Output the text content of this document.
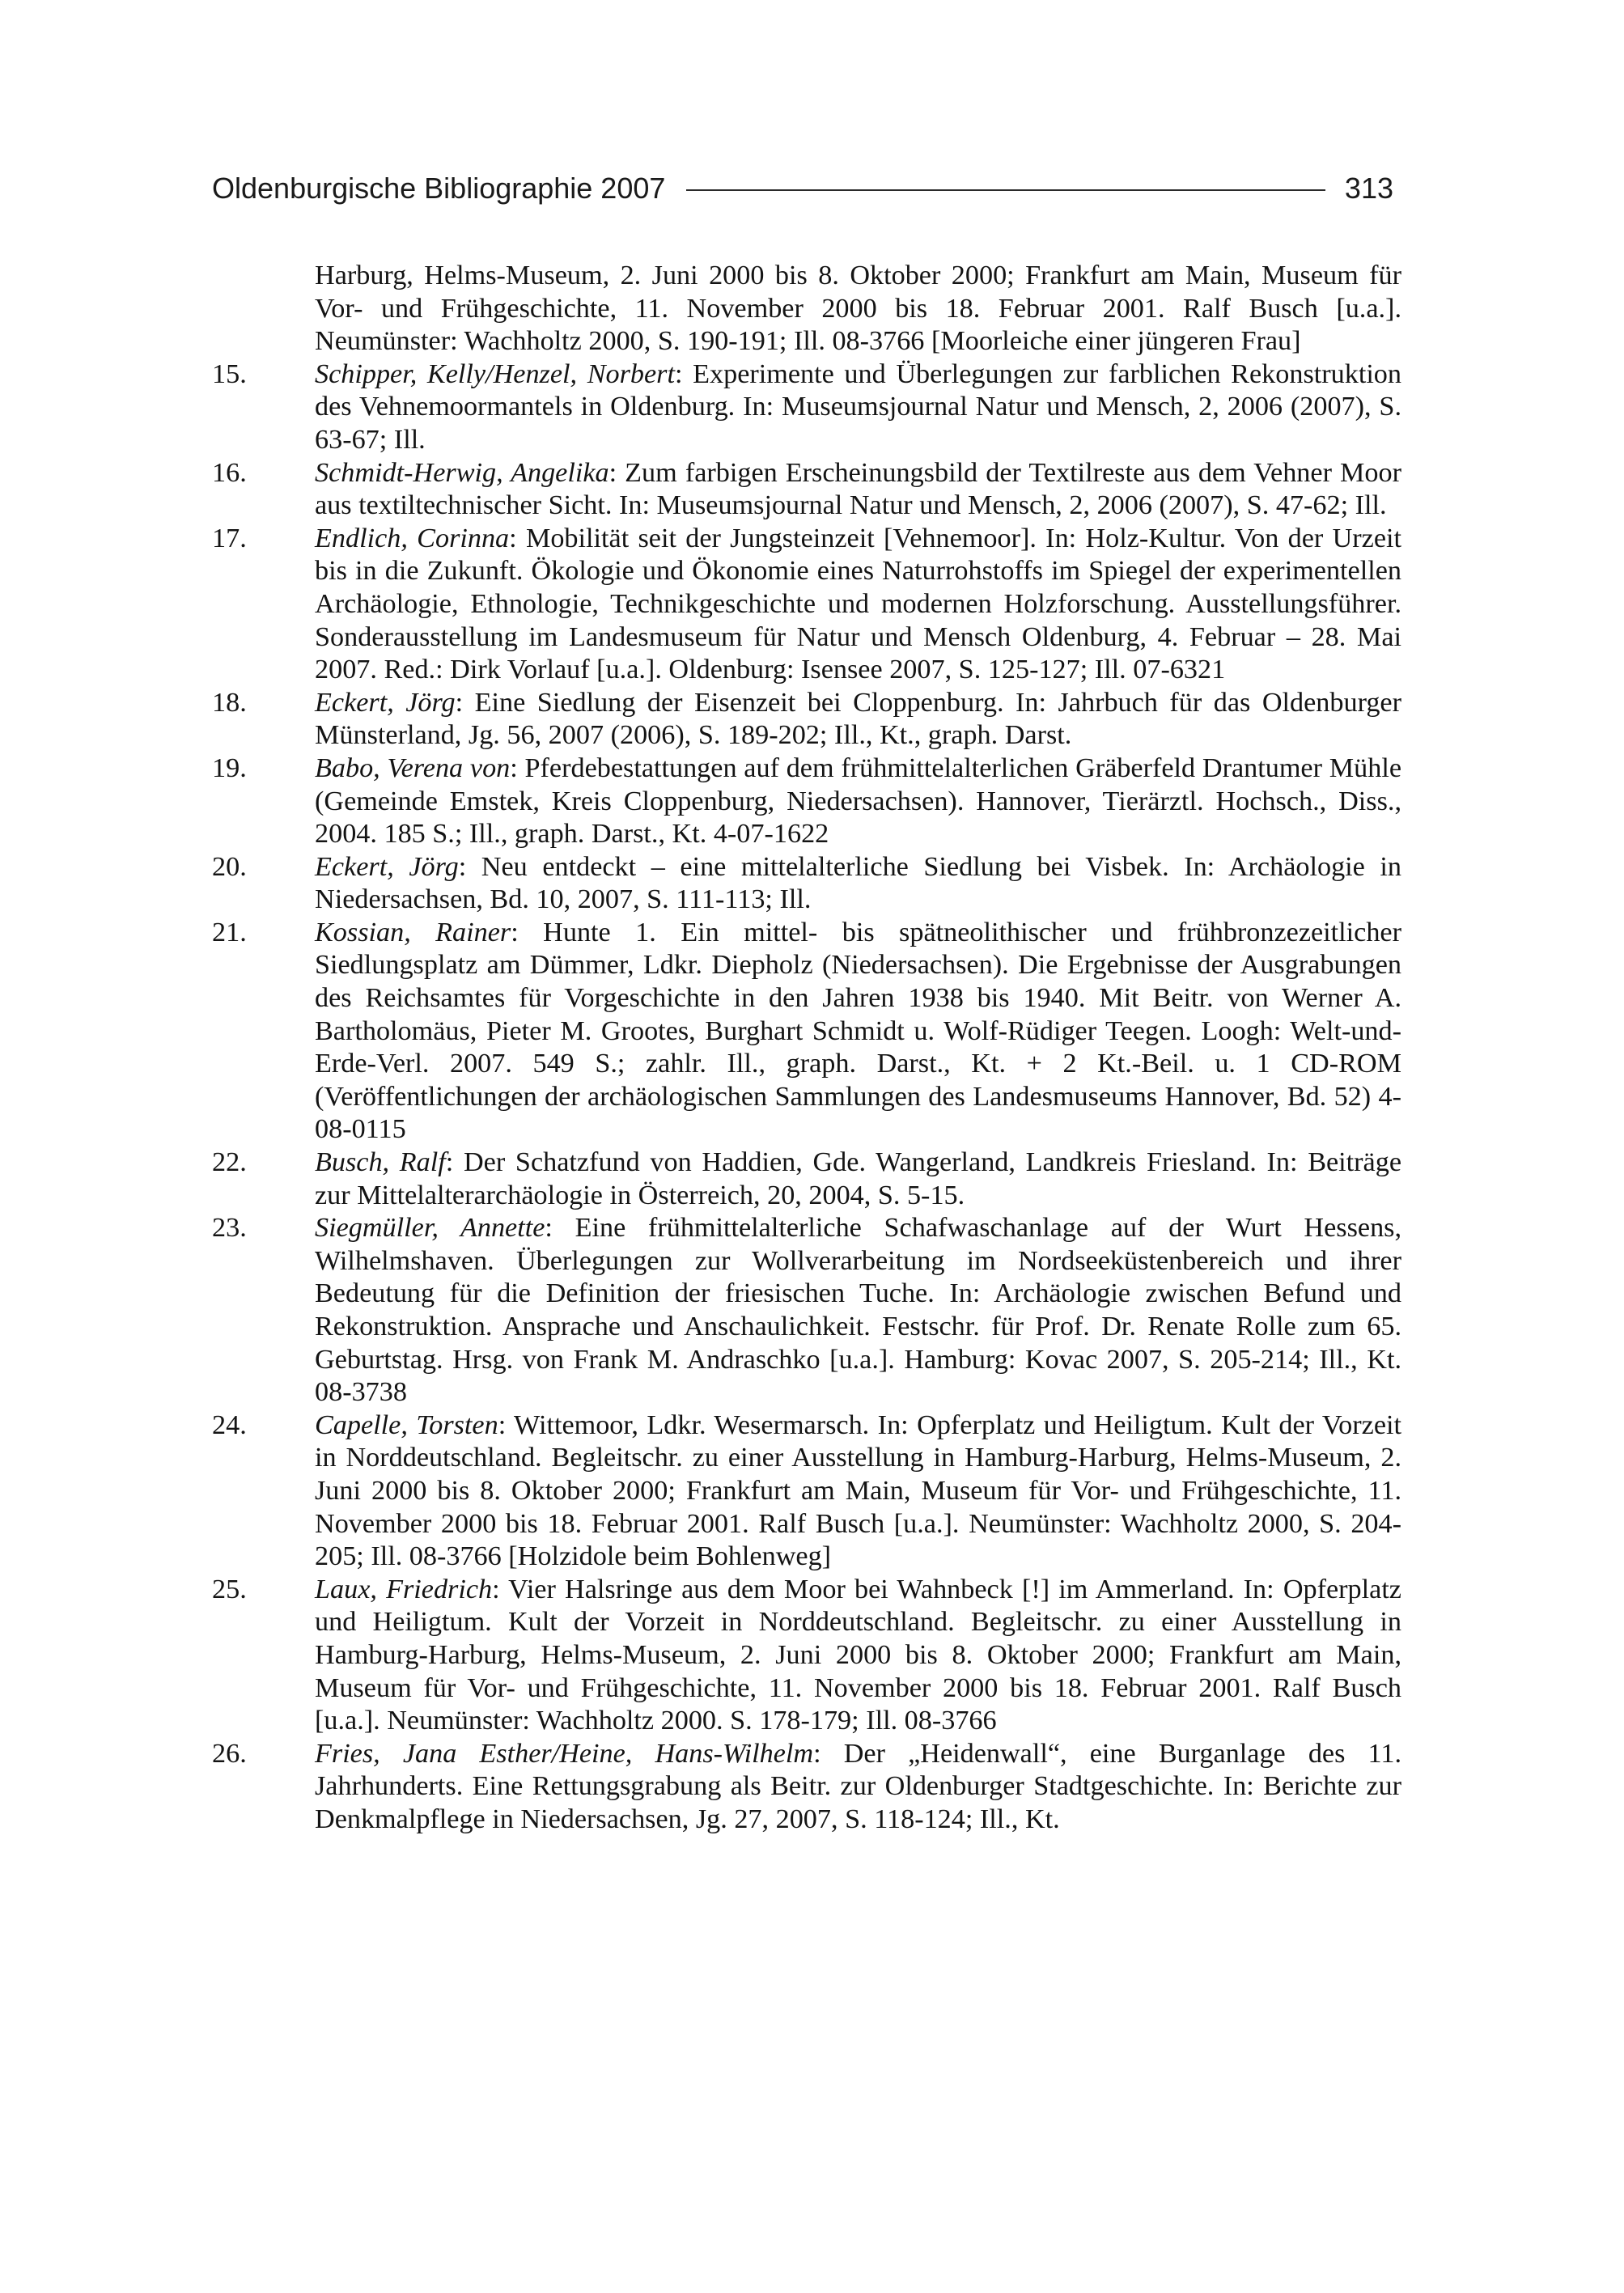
Oldenburgische Bibliographie 2007	313
Harburg, Helms-Museum, 2. Juni 2000 bis 8. Oktober 2000; Frankfurt am Main, Museum für Vor- und Frühgeschichte, 11. November 2000 bis 18. Februar 2001. Ralf Busch [u.a.]. Neumünster: Wachholtz 2000, S. 190-191; Ill. 08-3766 [Moorleiche einer jüngeren Frau]
15. Schipper, Kelly/Henzel, Norbert: Experimente und Überlegungen zur farblichen Rekonstruktion des Vehnemoormantels in Oldenburg. In: Museumsjournal Natur und Mensch, 2, 2006 (2007), S. 63-67; Ill.
16. Schmidt-Herwig, Angelika: Zum farbigen Erscheinungsbild der Textilreste aus dem Vehner Moor aus textiltechnischer Sicht. In: Museumsjournal Natur und Mensch, 2, 2006 (2007), S. 47-62; Ill.
17. Endlich, Corinna: Mobilität seit der Jungsteinzeit [Vehnemoor]. In: Holz-Kultur. Von der Urzeit bis in die Zukunft. Ökologie und Ökonomie eines Naturrohstoffs im Spiegel der experimentellen Archäologie, Ethnologie, Technikgeschichte und modernen Holzforschung. Ausstellungsführer. Sonderausstellung im Landesmuseum für Natur und Mensch Oldenburg, 4. Februar – 28. Mai 2007. Red.: Dirk Vorlauf [u.a.]. Oldenburg: Isensee 2007, S. 125-127; Ill. 07-6321
18. Eckert, Jörg: Eine Siedlung der Eisenzeit bei Cloppenburg. In: Jahrbuch für das Oldenburger Münsterland, Jg. 56, 2007 (2006), S. 189-202; Ill., Kt., graph. Darst.
19. Babo, Verena von: Pferdebestattungen auf dem frühmittelalterlichen Gräberfeld Drantumer Mühle (Gemeinde Emstek, Kreis Cloppenburg, Niedersachsen). Hannover, Tierärztl. Hochsch., Diss., 2004. 185 S.; Ill., graph. Darst., Kt. 4-07-1622
20. Eckert, Jörg: Neu entdeckt – eine mittelalterliche Siedlung bei Visbek. In: Archäologie in Niedersachsen, Bd. 10, 2007, S. 111-113; Ill.
21. Kossian, Rainer: Hunte 1. Ein mittel- bis spätneolithischer und frühbronzezeitlicher Siedlungsplatz am Dümmer, Ldkr. Diepholz (Niedersachsen). Die Ergebnisse der Ausgrabungen des Reichsamtes für Vorgeschichte in den Jahren 1938 bis 1940. Mit Beitr. von Werner A. Bartholomäus, Pieter M. Grootes, Burghart Schmidt u. Wolf-Rüdiger Teegen. Loogh: Welt-und-Erde-Verl. 2007. 549 S.; zahlr. Ill., graph. Darst., Kt. + 2 Kt.-Beil. u. 1 CD-ROM (Veröffentlichungen der archäologischen Sammlungen des Landesmuseums Hannover, Bd. 52) 4-08-0115
22. Busch, Ralf: Der Schatzfund von Haddien, Gde. Wangerland, Landkreis Friesland. In: Beiträge zur Mittelalterarchäologie in Österreich, 20, 2004, S. 5-15.
23. Siegmüller, Annette: Eine frühmittelalterliche Schafwaschanlage auf der Wurt Hessens, Wilhelmshaven. Überlegungen zur Wollverarbeitung im Nordseeküstenbereich und ihrer Bedeutung für die Definition der friesischen Tuche. In: Archäologie zwischen Befund und Rekonstruktion. Ansprache und Anschaulichkeit. Festschr. für Prof. Dr. Renate Rolle zum 65. Geburtstag. Hrsg. von Frank M. Andraschko [u.a.]. Hamburg: Kovac 2007, S. 205-214; Ill., Kt. 08-3738
24. Capelle, Torsten: Wittemoor, Ldkr. Wesermarsch. In: Opferplatz und Heiligtum. Kult der Vorzeit in Norddeutschland. Begleitschr. zu einer Ausstellung in Hamburg-Harburg, Helms-Museum, 2. Juni 2000 bis 8. Oktober 2000; Frankfurt am Main, Museum für Vor- und Frühgeschichte, 11. November 2000 bis 18. Februar 2001. Ralf Busch [u.a.]. Neumünster: Wachholtz 2000, S. 204-205; Ill. 08-3766 [Holzidole beim Bohlenweg]
25. Laux, Friedrich: Vier Halsringe aus dem Moor bei Wahnbeck [!] im Ammerland. In: Opferplatz und Heiligtum. Kult der Vorzeit in Norddeutschland. Begleitschr. zu einer Ausstellung in Hamburg-Harburg, Helms-Museum, 2. Juni 2000 bis 8. Oktober 2000; Frankfurt am Main, Museum für Vor- und Frühgeschichte, 11. November 2000 bis 18. Februar 2001. Ralf Busch [u.a.]. Neumünster: Wachholtz 2000. S. 178-179; Ill. 08-3766
26. Fries, Jana Esther/Heine, Hans-Wilhelm: Der „Heidenwall“, eine Burganlage des 11. Jahrhunderts. Eine Rettungsgrabung als Beitr. zur Oldenburger Stadtgeschichte. In: Berichte zur Denkmalpflege in Niedersachsen, Jg. 27, 2007, S. 118-124; Ill., Kt.
